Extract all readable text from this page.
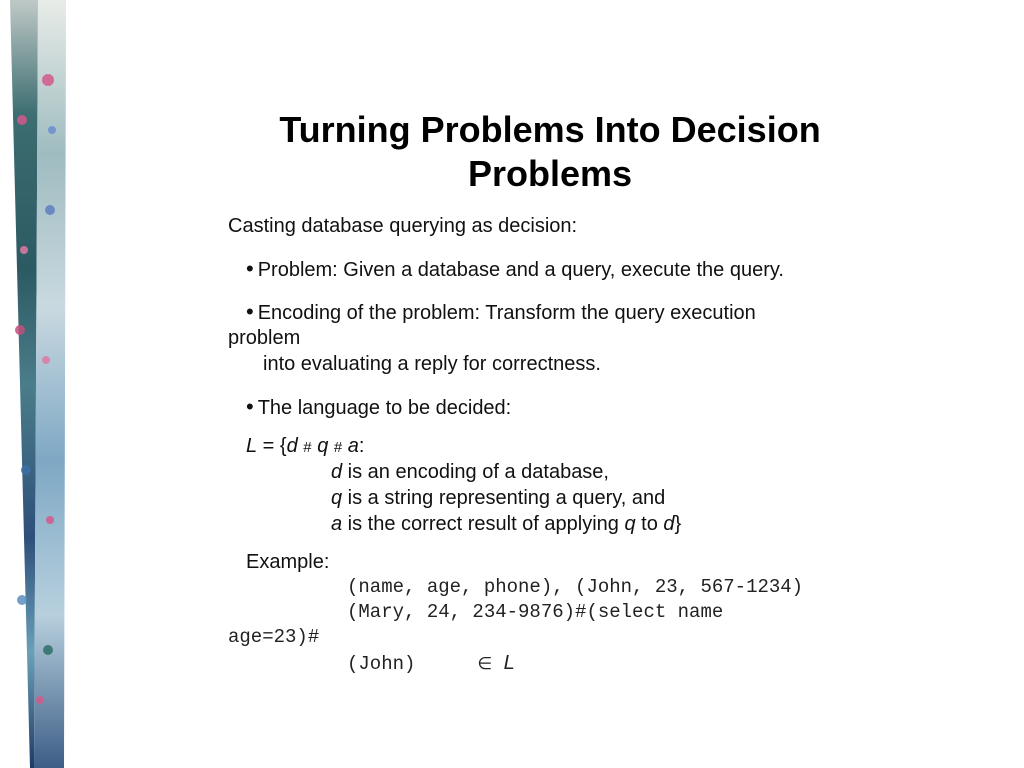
Turning Problems Into Decision
Problems
Casting database querying as decision:
• Problem: Given a database and a query, execute the query.
• Encoding of the problem: Transform the query execution
problem
into evaluating a reply for correctness.
• The language to be decided:
L = {d # q # a:
d is an encoding of a database,
q is a string representing a query, and
a is the correct result of applying q to d}
Example:
(name, age, phone), (John, 23, 567-1234)
(Mary, 24, 234-9876)#(select name
age=23)#
(John)	∈ L
